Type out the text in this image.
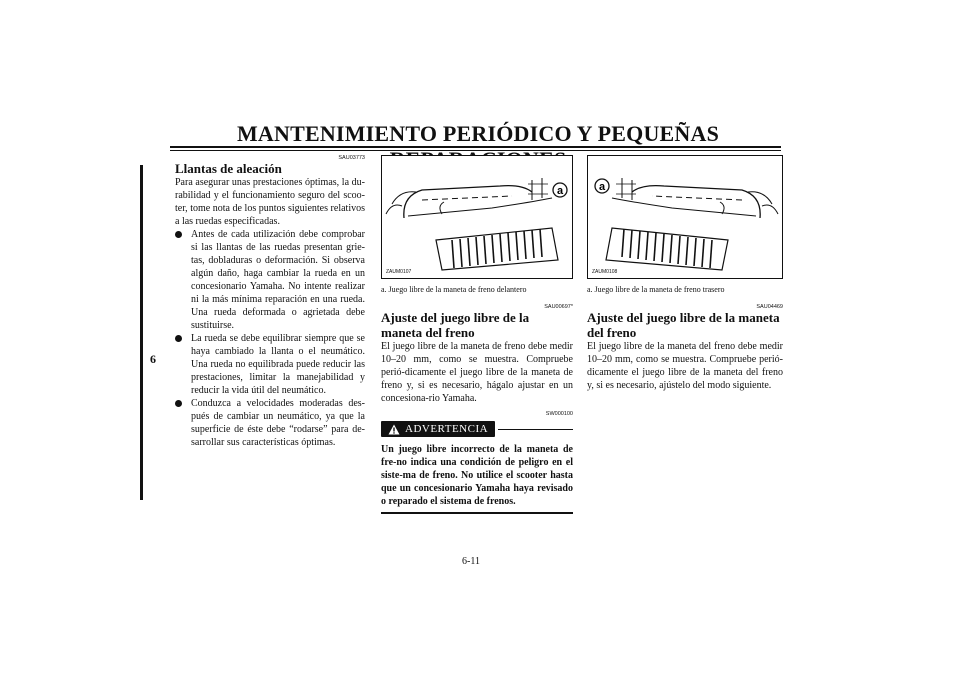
MANTENIMIENTO PERIÓDICO Y PEQUEÑAS
6
SAU03773
Llantas de aleación

Para asegurar unas prestaciones óptimas, la du-rabilidad y el funcionamiento seguro del scoo-ter, tome nota de los puntos siguientes relativos a las ruedas especificadas.

Antes de cada utilización debe comprobar si las llantas de las ruedas presentan grie-tas, dobladuras o deformación. Si observa algún daño, haga cambiar la rueda en un concesionario Yamaha. No intente realizar ni la más mínima reparación en una rueda. Una rueda deformada o agrietada debe sustituirse.
La rueda se debe equilibrar siempre que se haya cambiado la llanta o el neumático. Una rueda no equilibrada puede reducir las prestaciones, limitar la manejabilidad y reducir la vida útil del neumático.
Conduzca a velocidades moderadas des-pués de cambiar un neumático, ya que la superficie de éste debe “rodarse” para de-sarrollar sus características óptimas.
a
ZAUM0107
a. Juego libre de la maneta de freno delantero
SAU00697*
Ajuste del juego libre de la maneta del freno

El juego libre de la maneta de freno debe medir 10–20 mm, como se muestra. Compruebe perió-dicamente el juego libre de la maneta de freno y, si es necesario, hágalo ajustar en un concesiona-rio Yamaha.

SW000100
ADVERTENCIA
Un juego libre incorrecto de la maneta de fre-no indica una condición de peligro en el siste-ma de freno. No utilice el scooter hasta que un concesionario Yamaha haya revisado o reparado el sistema de frenos.
a
ZAUM0108
a. Juego libre de la maneta de freno trasero
SAU04469
Ajuste del juego libre de la maneta del freno

El juego libre de la maneta del freno debe medir 10–20 mm, como se muestra. Compruebe perió-dicamente el juego libre de la maneta del freno y, si es necesario, ajústelo del modo siguiente.

6-11
